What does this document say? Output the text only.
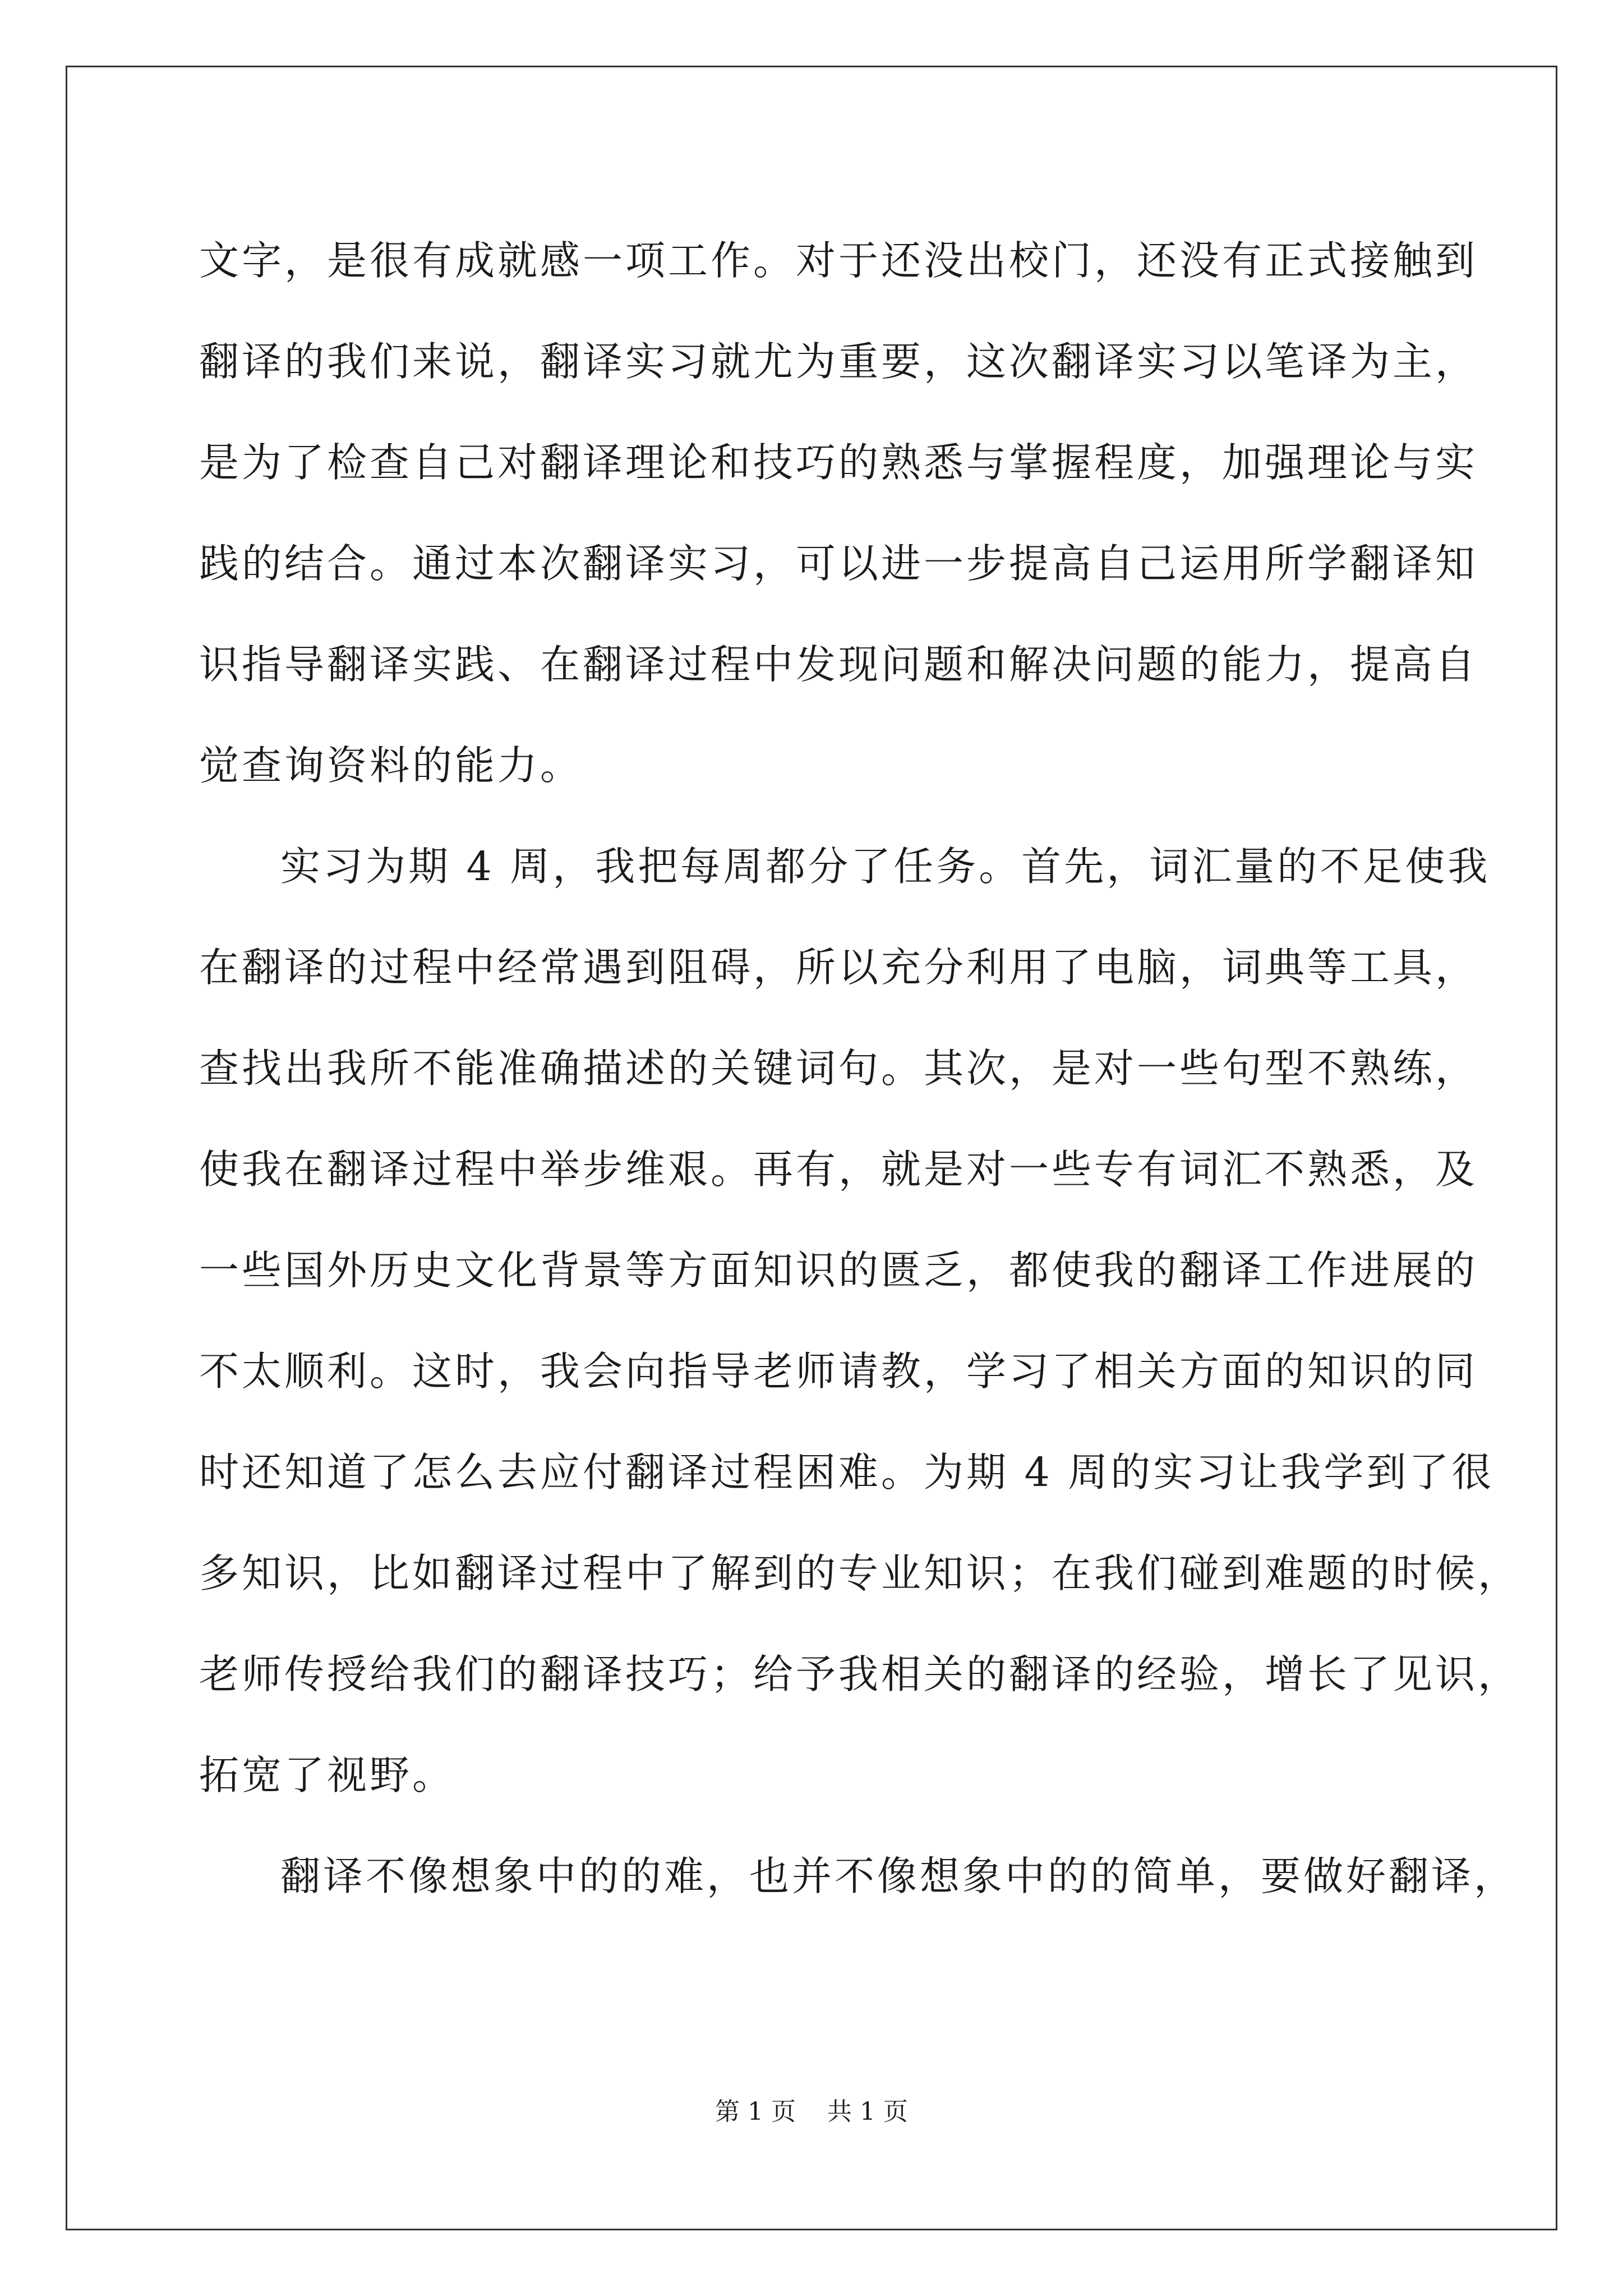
文字，是很有成就感一项工作。对于还没出校门，还没有正式接触到
翻译的我们来说，翻译实习就尤为重要，这次翻译实习以笔译为主，
是为了检查自己对翻译理论和技巧的熟悉与掌握程度，加强理论与实
践的结合。通过本次翻译实习，可以进一步提高自己运用所学翻译知
识指导翻译实践、在翻译过程中发现问题和解决问题的能力，提高自
觉查询资料的能力。
实习为期 4 周，我把每周都分了任务。首先，词汇量的不足使我
在翻译的过程中经常遇到阻碍，所以充分利用了电脑，词典等工具，
查找出我所不能准确描述的关键词句。其次，是对一些句型不熟练，
使我在翻译过程中举步维艰。再有，就是对一些专有词汇不熟悉，及
一些国外历史文化背景等方面知识的匮乏，都使我的翻译工作进展的
不太顺利。这时，我会向指导老师请教，学习了相关方面的知识的同
时还知道了怎么去应付翻译过程困难。为期 4 周的实习让我学到了很
多知识，比如翻译过程中了解到的专业知识；在我们碰到难题的时候，
老师传授给我们的翻译技巧；给予我相关的翻译的经验，增长了见识，
拓宽了视野。
翻译不像想象中的的难，也并不像想象中的的简单，要做好翻译，
第 1 页    共 1 页
